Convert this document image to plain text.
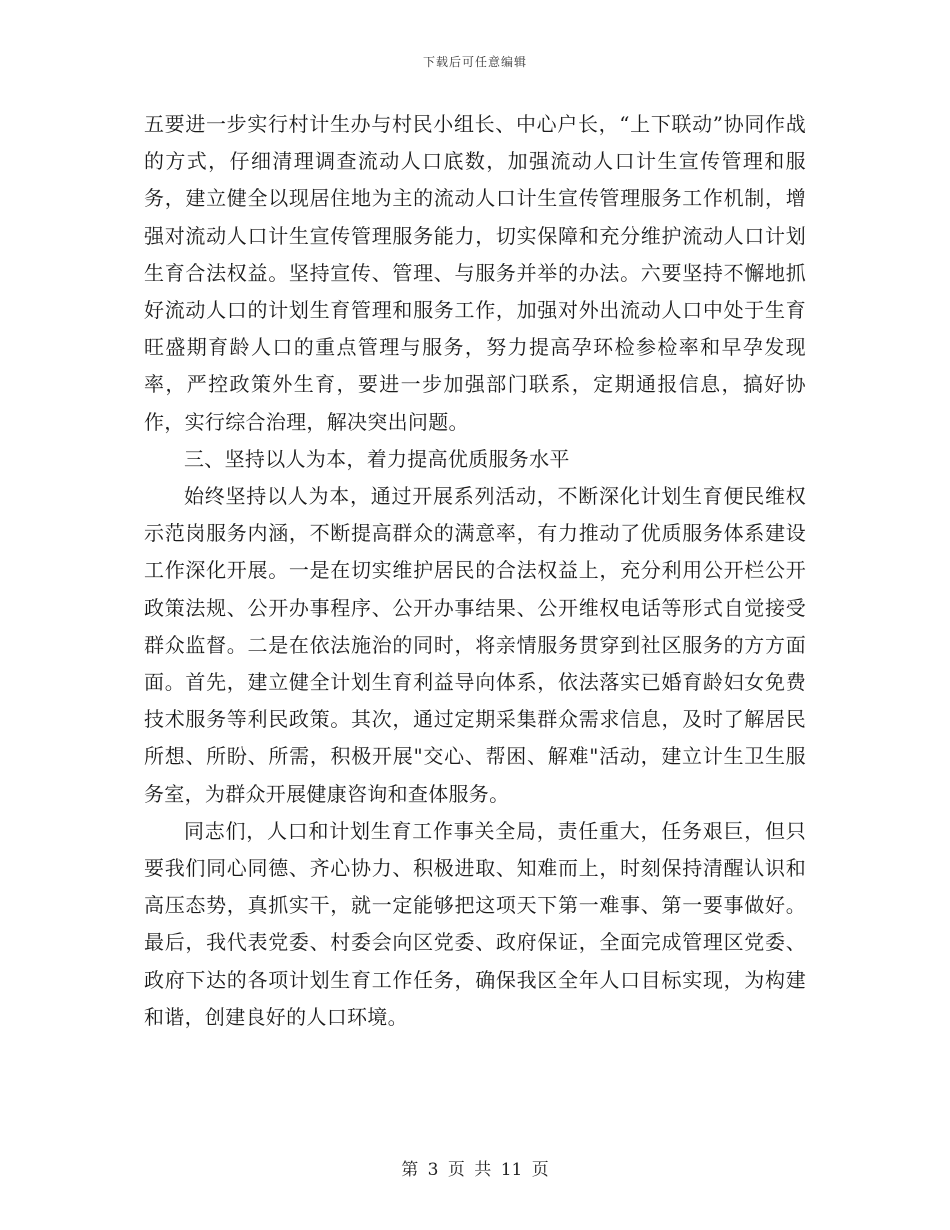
下载后可任意编辑

五要进一步实行村计生办与村民小组长、中心户长，“上下联动”协同作战的方式，仔细清理调查流动人口底数，加强流动人口计生宣传管理和服务，建立健全以现居住地为主的流动人口计生宣传管理服务工作机制，增强对流动人口计生宣传管理服务能力，切实保障和充分维护流动人口计划生育合法权益。坚持宣传、管理、与服务并举的办法。六要坚持不懈地抓好流动人口的计划生育管理和服务工作，加强对外出流动人口中处于生育旺盛期育龄人口的重点管理与服务，努力提高孕环检参检率和早孕发现率，严控政策外生育，要进一步加强部门联系，定期通报信息，搞好协作，实行综合治理，解决突出问题。

三、坚持以人为本，着力提高优质服务水平

始终坚持以人为本，通过开展系列活动，不断深化计划生育便民维权示范岗服务内涵，不断提高群众的满意率，有力推动了优质服务体系建设工作深化开展。一是在切实维护居民的合法权益上，充分利用公开栏公开政策法规、公开办事程序、公开办事结果、公开维权电话等形式自觉接受群众监督。二是在依法施治的同时，将亲情服务贯穿到社区服务的方方面面。首先，建立健全计划生育利益导向体系，依法落实已婚育龄妇女免费技术服务等利民政策。其次，通过定期采集群众需求信息，及时了解居民所想、所盼、所需，积极开展"交心、帮困、解难"活动，建立计生卫生服务室，为群众开展健康咨询和查体服务。

同志们，人口和计划生育工作事关全局，责任重大，任务艰巨，但只要我们同心同德、齐心协力、积极进取、知难而上，时刻保持清醒认识和高压态势，真抓实干，就一定能够把这项天下第一难事、第一要事做好。最后，我代表党委、村委会向区党委、政府保证，全面完成管理区党委、政府下达的各项计划生育工作任务，确保我区全年人口目标实现，为构建和谐，创建良好的人口环境。

第 3 页 共 11 页
